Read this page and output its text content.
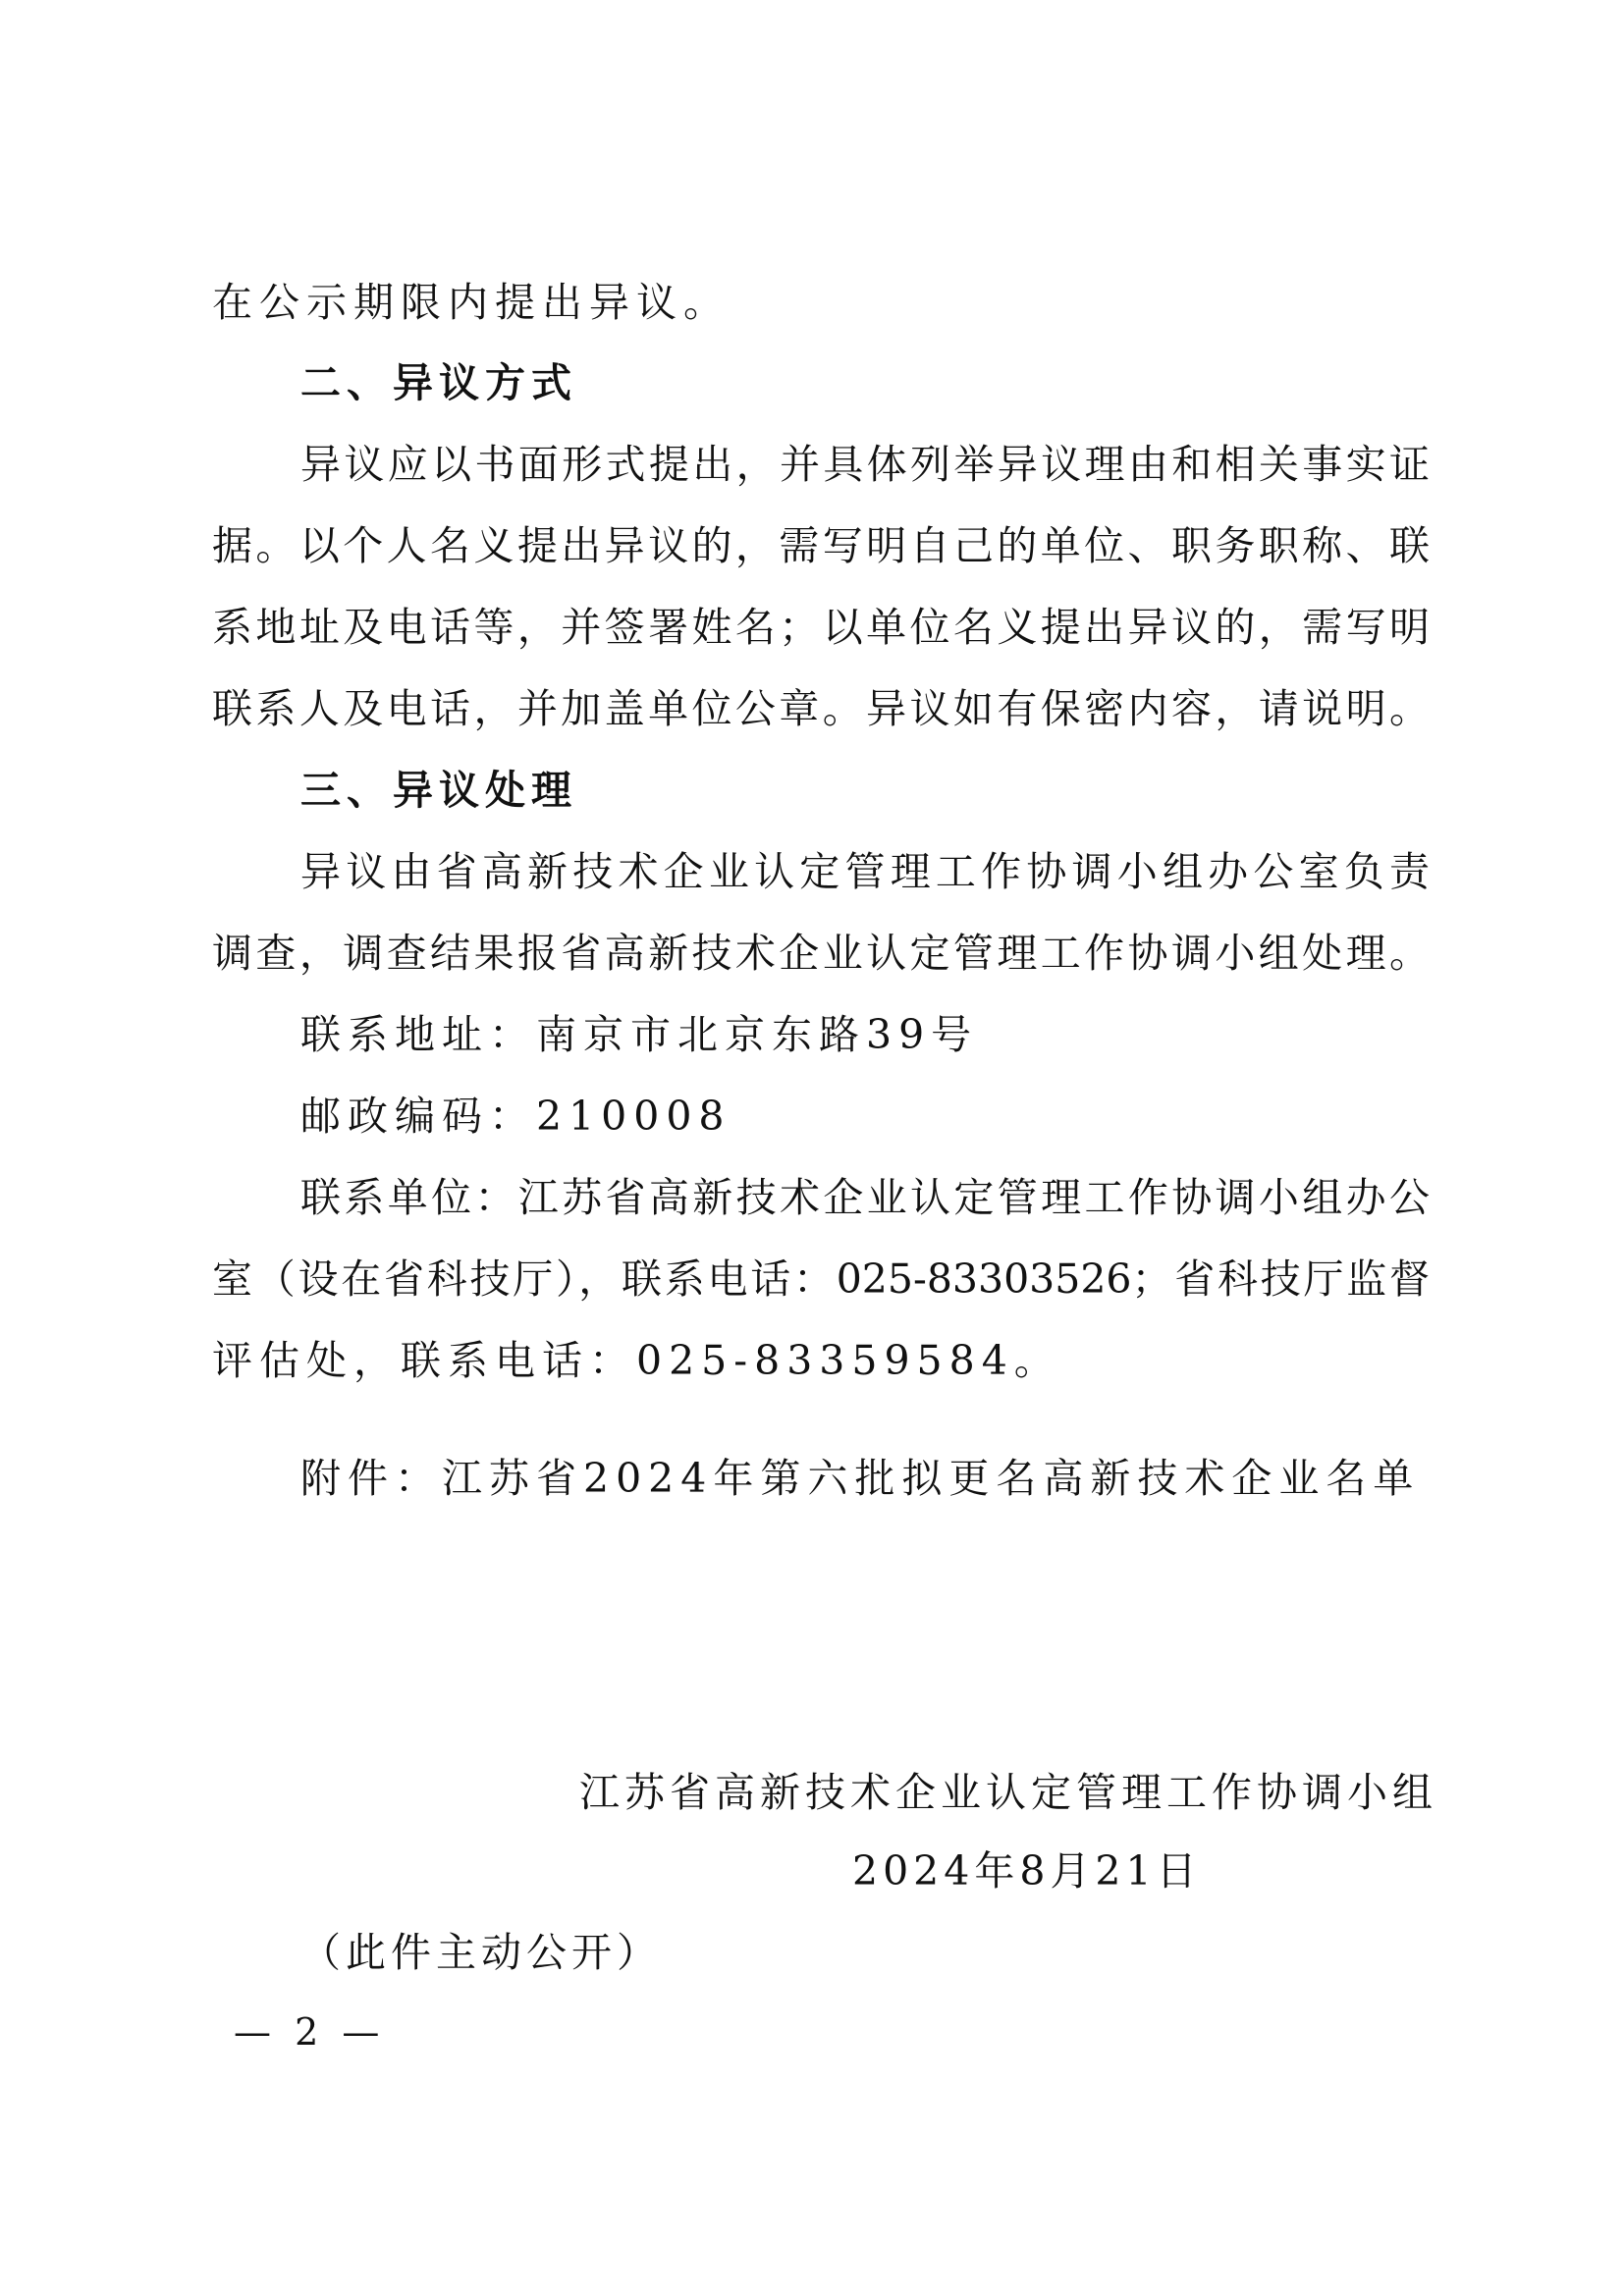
在公示期限内提出异议。
二、异议方式
异议应以书面形式提出，并具体列举异议理由和相关事实证
据。以个人名义提出异议的，需写明自己的单位、职务职称、联
系地址及电话等，并签署姓名；以单位名义提出异议的，需写明
联系人及电话，并加盖单位公章。异议如有保密内容，请说明。
三、异议处理
异议由省高新技术企业认定管理工作协调小组办公室负责
调查，调查结果报省高新技术企业认定管理工作协调小组处理。
联系地址：南京市北京东路39号
邮政编码：210008
联系单位：江苏省高新技术企业认定管理工作协调小组办公
室（设在省科技厅），联系电话：025-83303526；省科技厅监督
评估处，联系电话：025-83359584。
附件：江苏省2024年第六批拟更名高新技术企业名单
江苏省高新技术企业认定管理工作协调小组
2024年8月21日
（此件主动公开）
— 2 —
